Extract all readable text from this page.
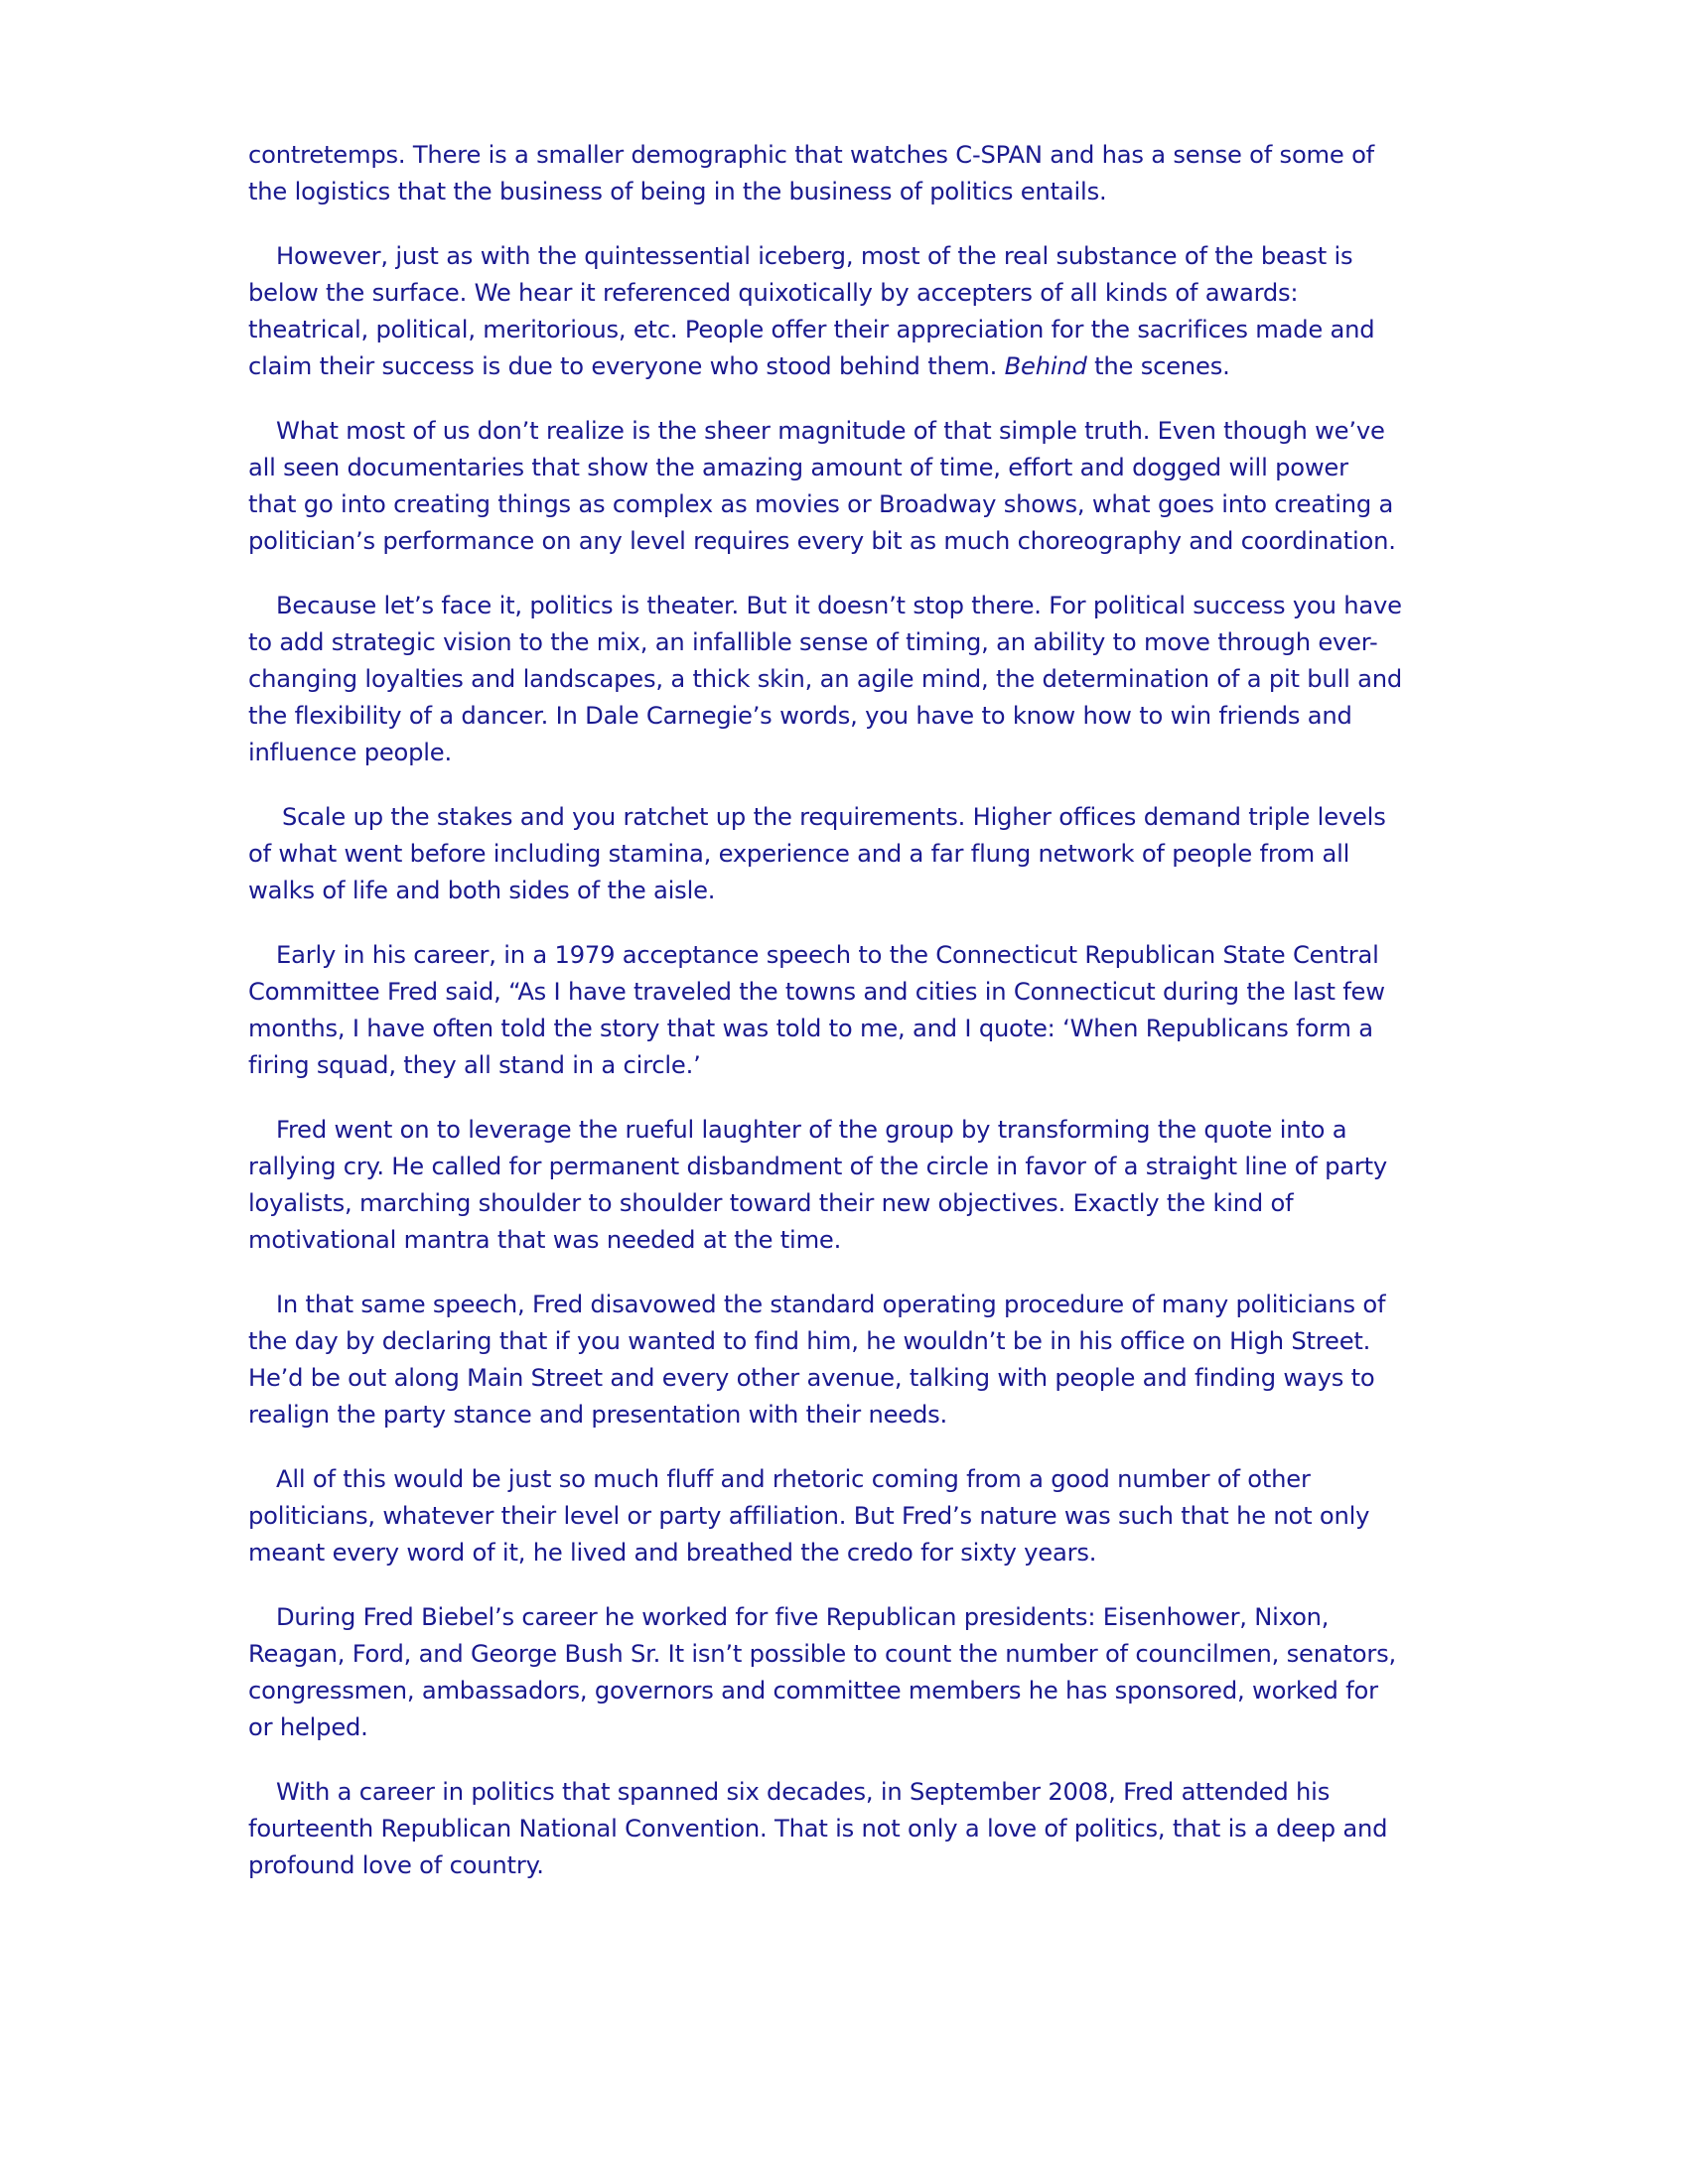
contretemps. There is a smaller demographic that watches C-SPAN and has a sense of some of
the logistics that the business of being in the business of politics entails.

However, just as with the quintessential iceberg, most of the real substance of the beast is
below the surface. We hear it referenced quixotically by accepters of all kinds of awards:
theatrical, political, meritorious, etc. People offer their appreciation for the sacrifices made and
claim their success is due to everyone who stood behind them. Behind the scenes.

What most of us don’t realize is the sheer magnitude of that simple truth. Even though we’ve
all seen documentaries that show the amazing amount of time, effort and dogged will power
that go into creating things as complex as movies or Broadway shows, what goes into creating a
politician’s performance on any level requires every bit as much choreography and coordination.

Because let’s face it, politics is theater. But it doesn’t stop there. For political success you have
to add strategic vision to the mix, an infallible sense of timing, an ability to move through ever-
changing loyalties and landscapes, a thick skin, an agile mind, the determination of a pit bull and
the flexibility of a dancer. In Dale Carnegie’s words, you have to know how to win friends and
influence people.

Scale up the stakes and you ratchet up the requirements. Higher offices demand triple levels
of what went before including stamina, experience and a far flung network of people from all
walks of life and both sides of the aisle.

Early in his career, in a 1979 acceptance speech to the Connecticut Republican State Central
Committee Fred said, “As I have traveled the towns and cities in Connecticut during the last few
months, I have often told the story that was told to me, and I quote: ‘When Republicans form a
firing squad, they all stand in a circle.’

Fred went on to leverage the rueful laughter of the group by transforming the quote into a
rallying cry. He called for permanent disbandment of the circle in favor of a straight line of party
loyalists, marching shoulder to shoulder toward their new objectives. Exactly the kind of
motivational mantra that was needed at the time.

In that same speech, Fred disavowed the standard operating procedure of many politicians of
the day by declaring that if you wanted to find him, he wouldn’t be in his office on High Street.
He’d be out along Main Street and every other avenue, talking with people and finding ways to
realign the party stance and presentation with their needs.

All of this would be just so much fluff and rhetoric coming from a good number of other
politicians, whatever their level or party affiliation. But Fred’s nature was such that he not only
meant every word of it, he lived and breathed the credo for sixty years.

During Fred Biebel’s career he worked for five Republican presidents: Eisenhower, Nixon,
Reagan, Ford, and George Bush Sr. It isn’t possible to count the number of councilmen, senators,
congressmen, ambassadors, governors and committee members he has sponsored, worked for
or helped.

With a career in politics that spanned six decades, in September 2008, Fred attended his
fourteenth Republican National Convention. That is not only a love of politics, that is a deep and
profound love of country.
